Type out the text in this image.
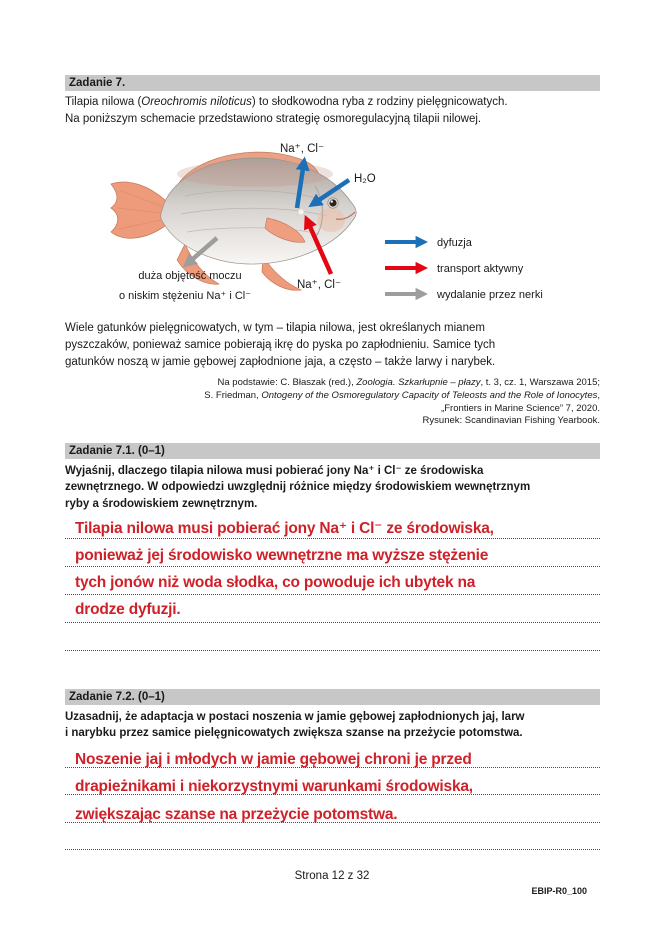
Zadanie 7.
Tilapia nilowa (Oreochromis niloticus) to słodkowodna ryba z rodziny pielęgnicowatych.
Na poniższym schemacie przedstawiono strategię osmoregulacyjną tilapii nilowej.
Na⁺, Cl⁻
H₂O
Na⁺, Cl⁻
duża objętość moczu
o niskim stężeniu Na⁺ i Cl⁻
dyfuzja
transport aktywny
wydalanie przez nerki
Wiele gatunków pielęgnicowatych, w tym – tilapia nilowa, jest określanych mianem
pyszczaków, ponieważ samice pobierają ikrę do pyska po zapłodnieniu. Samice tych
gatunków noszą w jamie gębowej zapłodnione jaja, a często – także larwy i narybek.
Na podstawie: C. Błaszak (red.), Zoologia. Szkarłupnie – płazy, t. 3, cz. 1, Warszawa 2015;
S. Friedman, Ontogeny of the Osmoregulatory Capacity of Teleosts and the Role of Ionocytes,
„Frontiers in Marine Science” 7, 2020.
Rysunek: Scandinavian Fishing Yearbook.
Zadanie 7.1. (0–1)
Wyjaśnij, dlaczego tilapia nilowa musi pobierać jony Na⁺ i Cl⁻ ze środowiska
zewnętrznego. W odpowiedzi uwzględnij różnice między środowiskiem wewnętrznym
ryby a środowiskiem zewnętrznym.
Tilapia nilowa musi pobierać jony Na⁺ i Cl⁻ ze środowiska,
ponieważ jej środowisko wewnętrzne ma wyższe stężenie
tych jonów niż woda słodka, co powoduje ich ubytek na
drodze dyfuzji.
Zadanie 7.2. (0–1)
Uzasadnij, że adaptacja w postaci noszenia w jamie gębowej zapłodnionych jaj, larw
i narybku przez samice pielęgnicowatych zwiększa szanse na przeżycie potomstwa.
Noszenie jaj i młodych w jamie gębowej chroni je przed
drapieżnikami i niekorzystnymi warunkami środowiska,
zwiększając szanse na przeżycie potomstwa.
Strona 12 z 32
EBIP-R0_100
